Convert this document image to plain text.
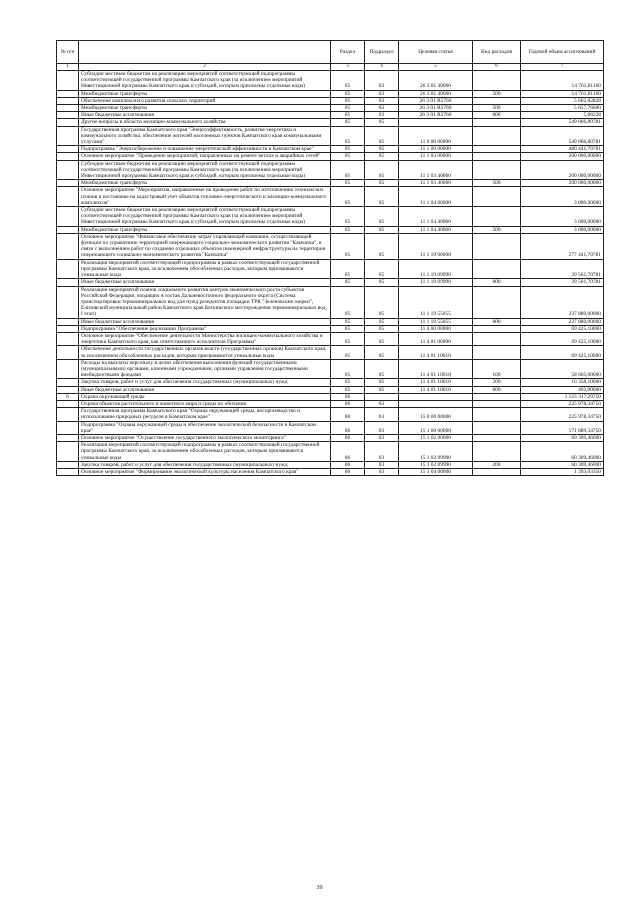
№ п/п		Раздел	Подраздел	Целевая статья	Вид расходов	Годовой объем ассигнований
1	2	3	4	5	6	7
	Субсидии местным бюджетам на реализацию мероприятий соответствующей подпрограммы соответствующей государственной программы Камчатского края (за исключением мероприятий Инвестиционной программы Камчатского края и субсидий, которым присвоены отдельные коды)	05	03	26 3 01 40060		14 761,81100
	Межбюджетные трансферты	05	03	26 3 01 40060	500	14 761,81100
	Обеспечение комплексного развития сельских территорий	05	03	26 3 01 R5760		5 662,82828
	Межбюджетные трансферты	05	03	26 3 01 R5760	500	5 657,76600
	Иные бюджетные ассигнования	05	03	26 3 01 R5760	800	5,06228
	Другие вопросы в области жилищно-коммунального хозяйства	05	05			549 866,80781
	Государственная программа Камчатского края "Энергоэффективность, развитие энергетики и коммунального хозяйства, обеспечение жителей населенных пунктов Камчатского края коммунальными услугами"	05	05	11 0 00 00000		549 866,80781
	Подпрограмма "Энергосбережение и повышение энергетической эффективности в Камчатском крае"	05	05	11 1 00 00000		480 441,70781
	Основное мероприятие "Проведение мероприятий, направленных на ремонт ветхих и аварийных сетей"	05	05	11 1 03 00000		200 000,00000
	Субсидии местным бюджетам на реализацию мероприятий соответствующей подпрограммы соответствующей государственной программы Камчатского края (за исключением мероприятий Инвестиционной программы Камчатского края и субсидий, которым присвоены отдельные коды)	05	05	11 1 03 40060		200 000,00000
	Межбюджетные трансферты	05	05	11 1 03 40060	500	200 000,00000
	Основное мероприятие "Мероприятия, направленные на проведение работ по изготовлению технических планов и постановке на кадастровый учет объектов топливно-энергетического и жилищно-коммунального комплексов"	05	05	11 1 04 00000		3 000,00000
	Субсидии местным бюджетам на реализацию мероприятий соответствующей подпрограммы соответствующей государственной программы Камчатского края (за исключением мероприятий Инвестиционной программы Камчатского края и субсидий, которым присвоены отдельные коды)	05	05	11 1 04 40060		3 000,00000
	Межбюджетные трансферты	05	05	11 1 04 40060	500	3 000,00000
	Основное мероприятие "Финансовое обеспечение затрат управляющей компании, осуществляющей функции по управлению территорией опережающего социально-экономического развития "Камчатка", в связи с выполнением работ по созданию отдельных объектов инженерной инфраструктуры на территории опережающего социально-экономического развития "Камчатка"	05	05	11 1 19 00000		277 441,70781
	Реализация мероприятий соответствующей подпрограммы в рамках соответствующей государственной программы Камчатского края, за исключением обособленных расходов, которым присваиваются уникальные коды	05	05	11 1 19 09990		39 561,70781
	Иные бюджетные ассигнования	05	05	11 1 19 09990	800	39 561,70781
	Реализация мероприятий планов социального развития центров экономического роста субъектов Российской Федерации, входящих в состав Дальневосточного федерального округа (Система транспортировки термоминеральных вод для нужд резидентов площадки ТРК "Зеленовские озерки", Елизовский муниципальный район Камчатского края Кеткинского месторождения термоминеральных вод, I этап)	05	05	11 1 19 55055		237 880,00000
	Иные бюджетные ассигнования	05	05	11 1 19 55055	800	237 880,00000
	Подпрограмма "Обеспечение реализации Программы"	05	05	11 4 00 00000		69 425,10000
	Основное мероприятие "Обеспечение деятельности Министерства жилищно-коммунального хозяйства и энергетики Камчатского края, как ответственного исполнителя Программы"	05	05	11 4 01 00000		69 425,10000
	Обеспечение деятельности государственных органов власти (государственных органов) Камчатского края, за исключением обособленных расходов, которым присваиваются уникальные коды	05	05	11 4 01 10010		69 425,10000
	Расходы на выплаты персоналу в целях обеспечения выполнения функций государственными (муниципальными) органами, казенными учреждениями, органами управления государственными внебюджетными фондами	05	05	11 4 01 10010	100	58 665,00000
	Закупка товаров, работ и услуг для обеспечения государственных (муниципальных) нужд	05	05	11 4 01 10010	200	10 358,10000
	Иные бюджетные ассигнования	05	05	11 4 01 10010	800	402,00000
6	Охрана окружающей среды	06				1 123 317,29750
	Охрана объектов растительного и животного мира и среды их обитания	06	03			225 978,34750
	Государственная программа Камчатского края "Охрана окружающей среды, воспроизводство и использование природных ресурсов в Камчатском крае"	06	03	15 0 00 00000		225 978,34750
	Подпрограмма "Охрана окружающей среды и обеспечение экологической безопасности в Камчатском крае"	06	03	15 1 00 00000		171 889,34750
	Основное мероприятие "Осуществление государственного экологического мониторинга"	06	03	15 1 02 00000		60 309,46000
	Реализация мероприятий соответствующей подпрограммы в рамках соответствующей государственной программы Камчатского края, за исключением обособленных расходов, которым присваиваются уникальные коды	06	03	15 1 02 09990		60 309,46000
	Закупка товаров, работ и услуг для обеспечения государственных (муниципальных) нужд	06	03	15 1 02 09990	200	60 309,46000
	Основное мероприятие "Формирование экологической культуры населения Камчатского края"	06	03	15 1 04 00000		1 393,03350
39
